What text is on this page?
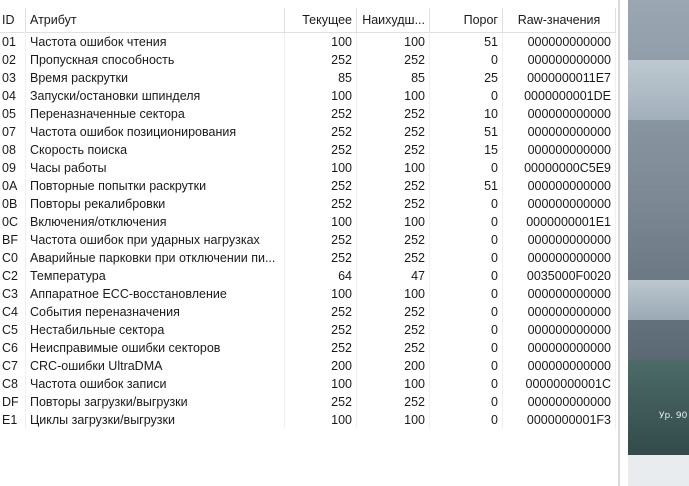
ID	Атрибут	Текущее	Наихудш...	Порог	Raw-значения
01	Частота ошибок чтения	100	100	51	000000000000
02	Пропускная способность	252	252	0	000000000000
03	Время раскрутки	85	85	25	0000000011E7
04	Запуски/остановки шпинделя	100	100	0	0000000001DE
05	Переназначенные сектора	252	252	10	000000000000
07	Частота ошибок позиционирования	252	252	51	000000000000
08	Скорость поиска	252	252	15	000000000000
09	Часы работы	100	100	0	00000000C5E9
0A	Повторные попытки раскрутки	252	252	51	000000000000
0B	Повторы рекалибровки	252	252	0	000000000000
0C	Включения/отключения	100	100	0	0000000001E1
BF	Частота ошибок при ударных нагрузках	252	252	0	000000000000
C0	Аварийные парковки при отключении пи...	252	252	0	000000000000
C2	Температура	64	47	0	0035000F0020
C3	Аппаратное ECC-восстановление	100	100	0	000000000000
C4	События переназначения	252	252	0	000000000000
C5	Нестабильные сектора	252	252	0	000000000000
C6	Неисправимые ошибки секторов	252	252	0	000000000000
C7	CRC-ошибки UltraDMA	200	200	0	000000000000
C8	Частота ошибок записи	100	100	0	00000000001C
DF	Повторы загрузки/выгрузки	252	252	0	000000000000
E1	Циклы загрузки/выгрузки	100	100	0	0000000001F3	Ур. 90
